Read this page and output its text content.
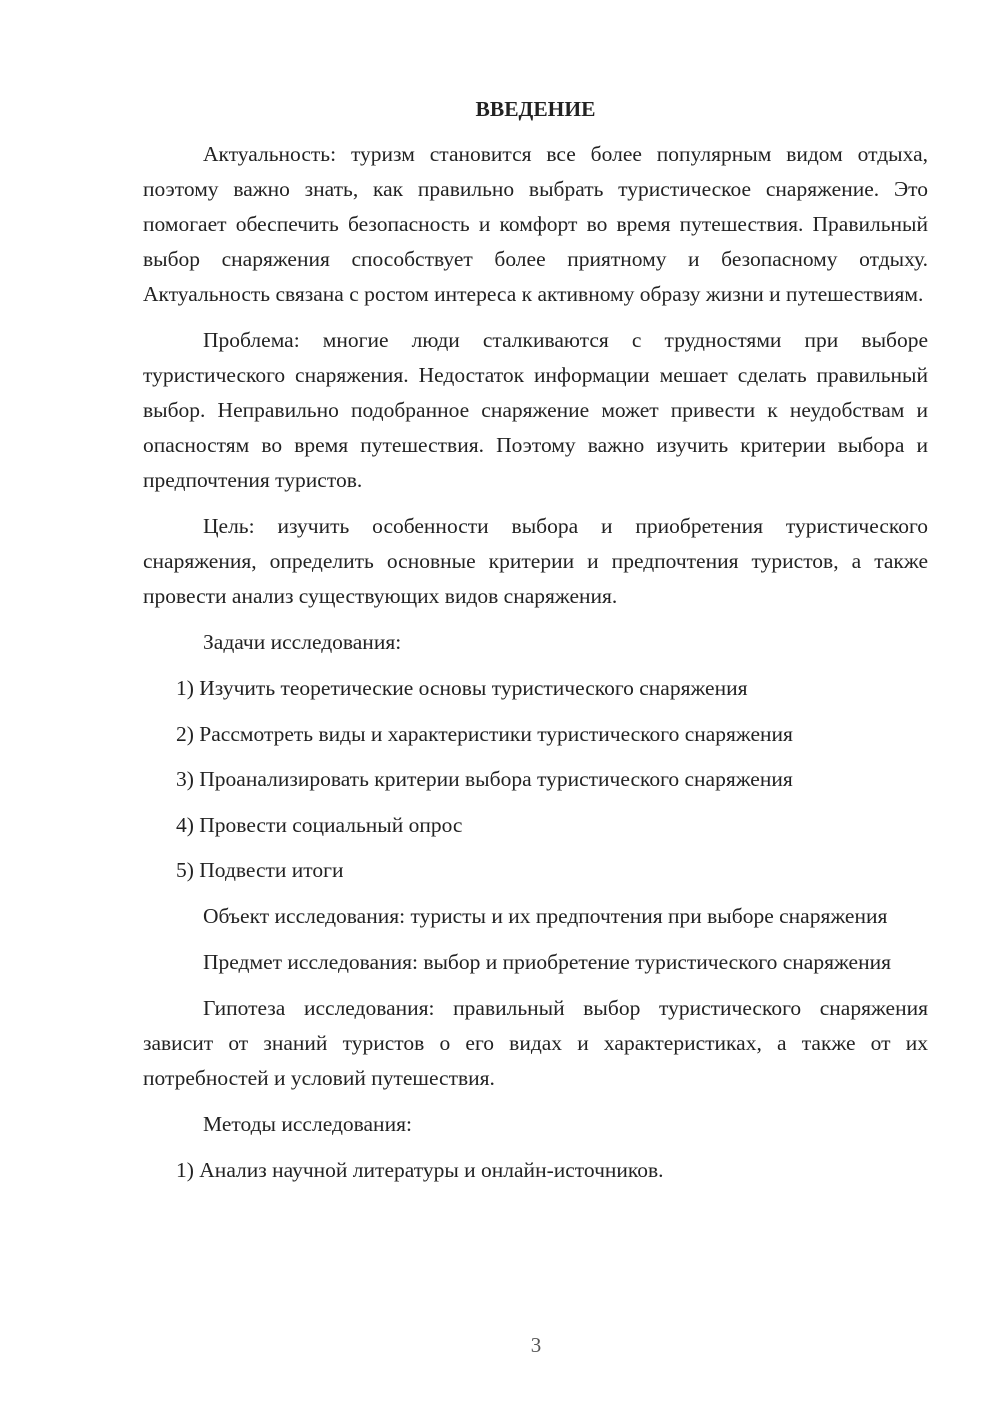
ВВЕДЕНИЕ

Актуальность: туризм становится все более популярным видом отдыха, поэтому важно знать, как правильно выбрать туристическое снаряжение. Это помогает обеспечить безопасность и комфорт во время путешествия. Правильный выбор снаряжения способствует более приятному и безопасному отдыху. Актуальность связана с ростом интереса к активному образу жизни и путешествиям.

Проблема: многие люди сталкиваются с трудностями при выборе туристического снаряжения. Недостаток информации мешает сделать правильный выбор. Неправильно подобранное снаряжение может привести к неудобствам и опасностям во время путешествия. Поэтому важно изучить критерии выбора и предпочтения туристов.

Цель: изучить особенности выбора и приобретения туристического снаряжения, определить основные критерии и предпочтения туристов, а также провести анализ существующих видов снаряжения.

Задачи исследования:

1) Изучить теоретические основы туристического снаряжения
2) Рассмотреть виды и характеристики туристического снаряжения
3) Проанализировать критерии выбора туристического снаряжения
4) Провести социальный опрос
5) Подвести итоги

Объект исследования: туристы и их предпочтения при выборе снаряжения

Предмет исследования: выбор и приобретение туристического снаряжения

Гипотеза исследования: правильный выбор туристического снаряжения зависит от знаний туристов о его видах и характеристиках, а также от их потребностей и условий путешествия.

Методы исследования:

1) Анализ научной литературы и онлайн-источников.
3
